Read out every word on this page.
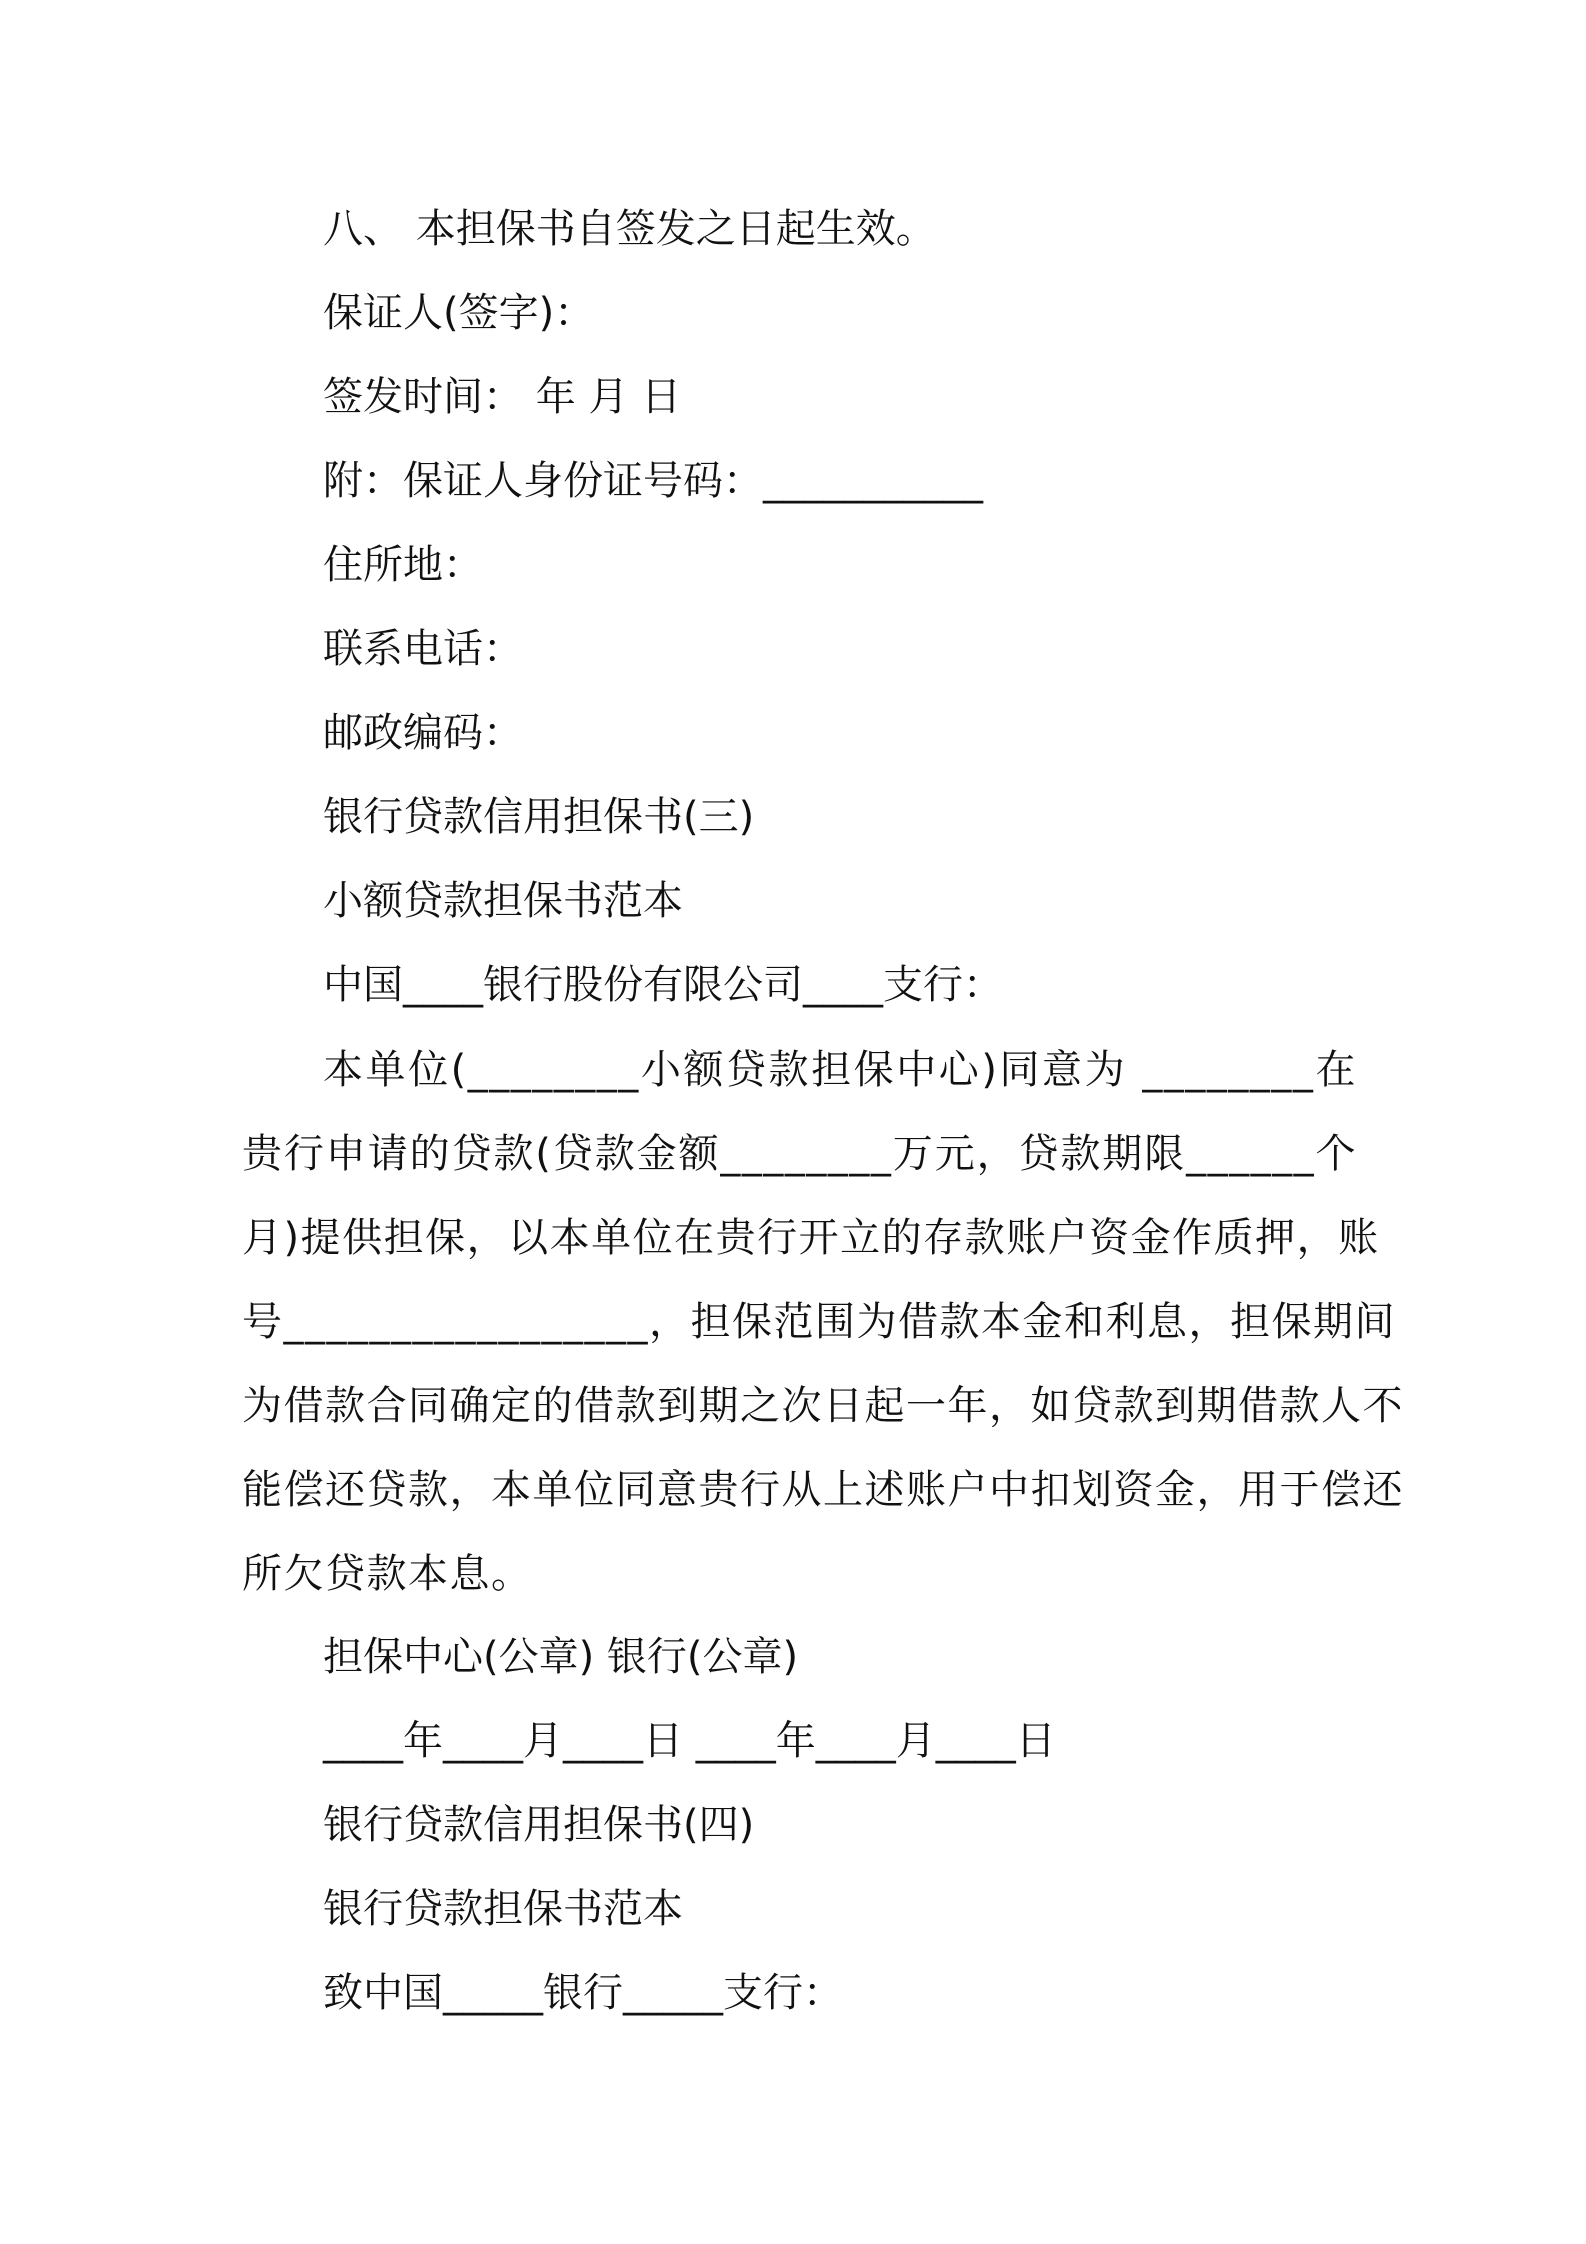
八、 本担保书自签发之日起生效。
保证人(签字)：
签发时间： 年 月 日
附：保证人身份证号码：___________
住所地：
联系电话：
邮政编码：
银行贷款信用担保书(三)
小额贷款担保书范本
中国____银行股份有限公司____支行：
本单位(________小额贷款担保中心)同意为 ________在
贵行申请的贷款(贷款金额________万元，贷款期限______个
月)提供担保，以本单位在贵行开立的存款账户资金作质押，账
号_________________，担保范围为借款本金和利息，担保期间
为借款合同确定的借款到期之次日起一年，如贷款到期借款人不
能偿还贷款，本单位同意贵行从上述账户中扣划资金，用于偿还
所欠贷款本息。
担保中心(公章) 银行(公章)
____年____月____日 ____年____月____日
银行贷款信用担保书(四)
银行贷款担保书范本
致中国_____银行_____支行：
